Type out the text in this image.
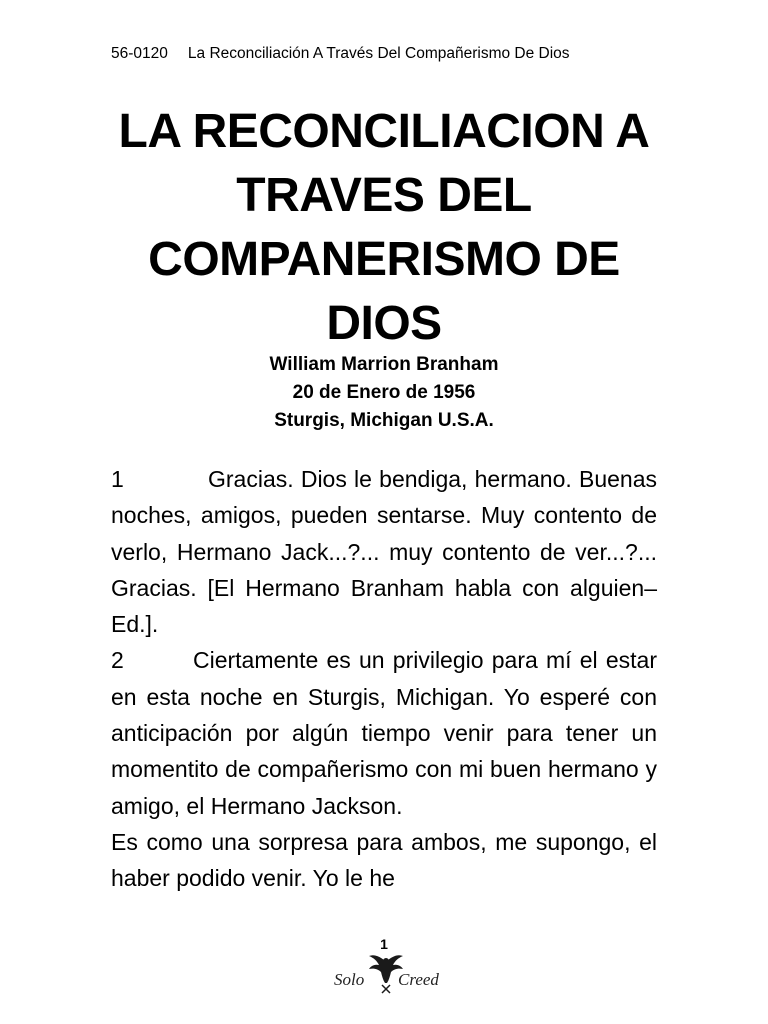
56-0120 La Reconciliación A Través Del Compañerismo De Dios
LA RECONCILIACION A
TRAVES DEL
COMPANERISMO DE
DIOS
William Marrion Branham
20 de Enero de 1956
Sturgis, Michigan U.S.A.

1	Gracias. Dios le bendiga, hermano. Buenas noches, amigos, pueden sentarse. Muy contento de verlo, Hermano Jack...?... muy contento de ver...?... Gracias. [El Hermano Branham habla con alguien–Ed.].

2	Ciertamente es un privilegio para mí el estar en esta noche en Sturgis, Michigan. Yo esperé con anticipación por algún tiempo venir para tener un momentito de compañerismo con mi buen hermano y amigo, el Hermano Jackson.

Es como una sorpresa para ambos, me supongo, el haber podido venir. Yo le he

1
Solo Creed
